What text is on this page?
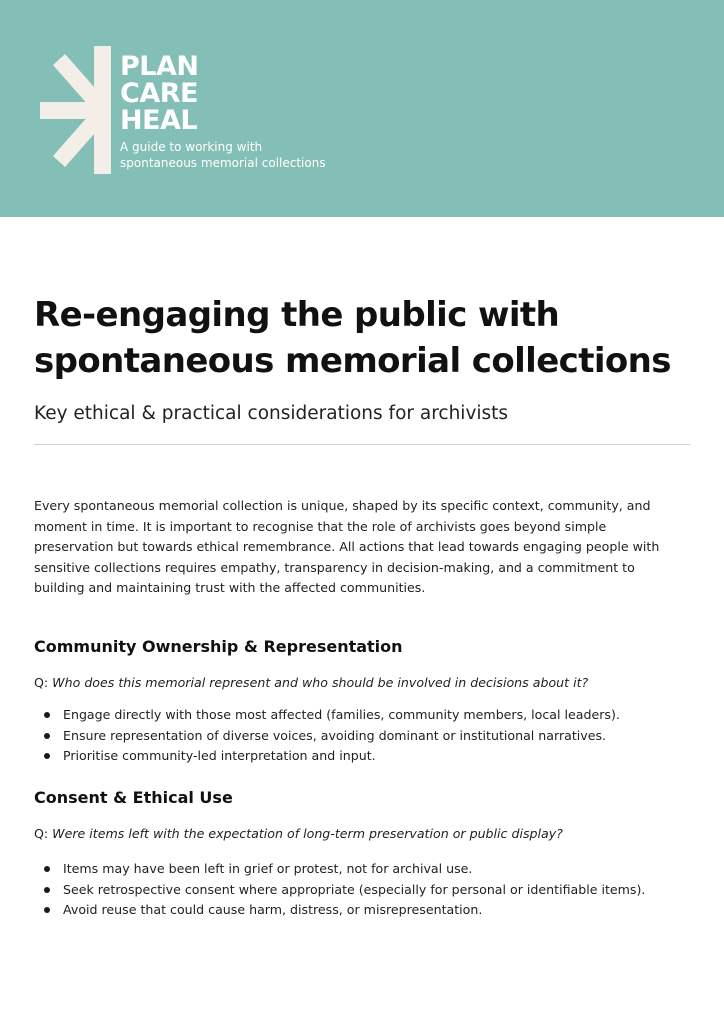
PLAN
CARE
HEAL
A guide to working with
spontaneous memorial collections
Re-engaging the public with spontaneous memorial collections
Key ethical & practical considerations for archivists
Every spontaneous memorial collection is unique, shaped by its specific context, community, and
moment in time. It is important to recognise that the role of archivists goes beyond simple
preservation but towards ethical remembrance. All actions that lead towards engaging people with
sensitive collections requires empathy, transparency in decision-making, and a commitment to
building and maintaining trust with the affected communities.
Community Ownership & Representation

Q: Who does this memorial represent and who should be involved in decisions about it?

Engage directly with those most affected (families, community members, local leaders).
Ensure representation of diverse voices, avoiding dominant or institutional narratives.
Prioritise community-led interpretation and input.
Consent & Ethical Use

Q: Were items left with the expectation of long-term preservation or public display?

Items may have been left in grief or protest, not for archival use.
Seek retrospective consent where appropriate (especially for personal or identifiable items).
Avoid reuse that could cause harm, distress, or misrepresentation.
